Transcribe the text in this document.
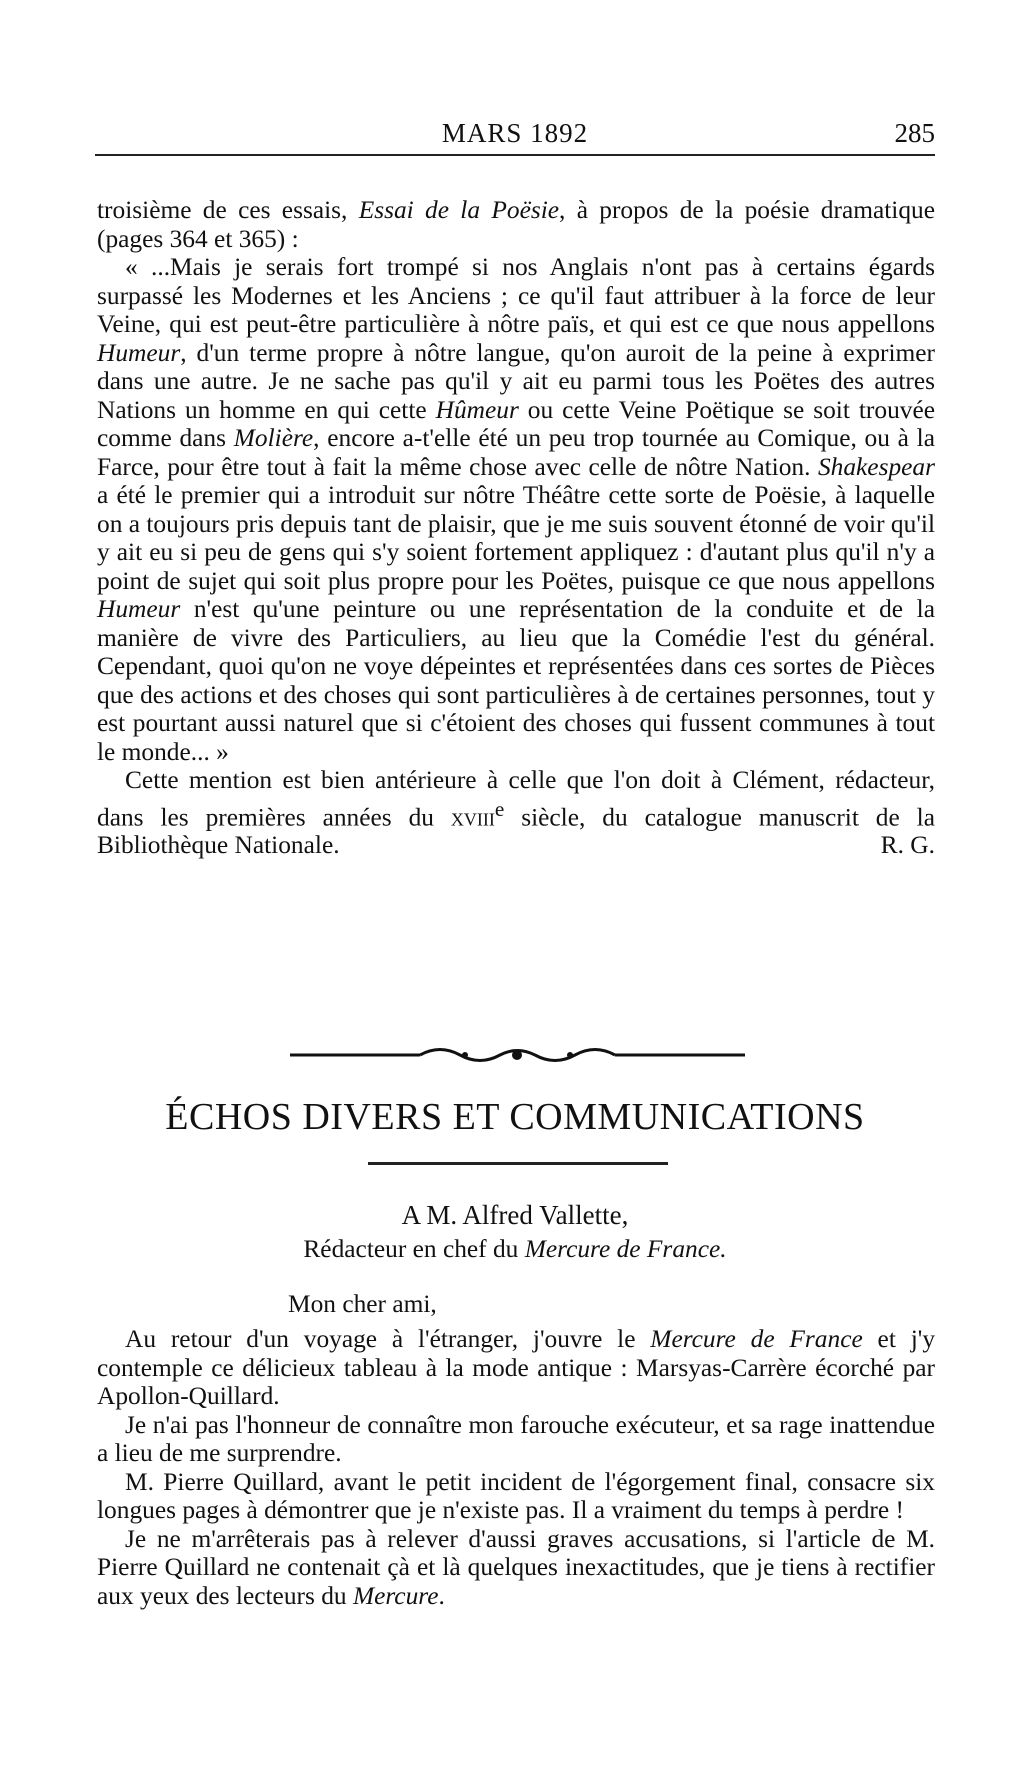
MARS 1892	285

troisième de ces essais, Essai de la Poësie, à propos de la poésie dramatique (pages 364 et 365) :

« ...Mais je serais fort trompé si nos Anglais n'ont pas à certains égards surpassé les Modernes et les Anciens ; ce qu'il faut attribuer à la force de leur Veine, qui est peut-être particulière à nôtre païs, et qui est ce que nous appellons Humeur, d'un terme propre à nôtre langue, qu'on auroit de la peine à exprimer dans une autre. Je ne sache pas qu'il y ait eu parmi tous les Poëtes des autres Nations un homme en qui cette Hûmeur ou cette Veine Poëtique se soit trouvée comme dans Molière, encore a-t'elle été un peu trop tournée au Comique, ou à la Farce, pour être tout à fait la même chose avec celle de nôtre Nation. Shakespear a été le premier qui a introduit sur nôtre Théâtre cette sorte de Poësie, à laquelle on a toujours pris depuis tant de plaisir, que je me suis souvent étonné de voir qu'il y ait eu si peu de gens qui s'y soient fortement appliquez : d'autant plus qu'il n'y a point de sujet qui soit plus propre pour les Poëtes, puisque ce que nous appellons Humeur n'est qu'une peinture ou une représentation de la conduite et de la manière de vivre des Particuliers, au lieu que la Comédie l'est du général. Cependant, quoi qu'on ne voye dépeintes et représentées dans ces sortes de Pièces que des actions et des choses qui sont particulières à de certaines personnes, tout y est pourtant aussi naturel que si c'étoient des choses qui fussent communes à tout le monde... »

Cette mention est bien antérieure à celle que l'on doit à Clément, rédacteur, dans les premières années du xviii$^e$ siècle, du catalogue manuscrit de la Bibliothèque Nationale.	R. G.

ÉCHOS DIVERS ET COMMUNICATIONS
A M. Alfred Vallette,
Rédacteur en chef du Mercure de France.
Mon cher ami,

Au retour d'un voyage à l'étranger, j'ouvre le Mercure de France et j'y contemple ce délicieux tableau à la mode antique : Marsyas-Carrère écorché par Apollon-Quillard.

Je n'ai pas l'honneur de connaître mon farouche exécuteur, et sa rage inattendue a lieu de me surprendre.

M. Pierre Quillard, avant le petit incident de l'égorgement final, consacre six longues pages à démontrer que je n'existe pas. Il a vraiment du temps à perdre !

Je ne m'arrêterais pas à relever d'aussi graves accusations, si l'article de M. Pierre Quillard ne contenait çà et là quelques inexactitudes, que je tiens à rectifier aux yeux des lecteurs du Mercure.
